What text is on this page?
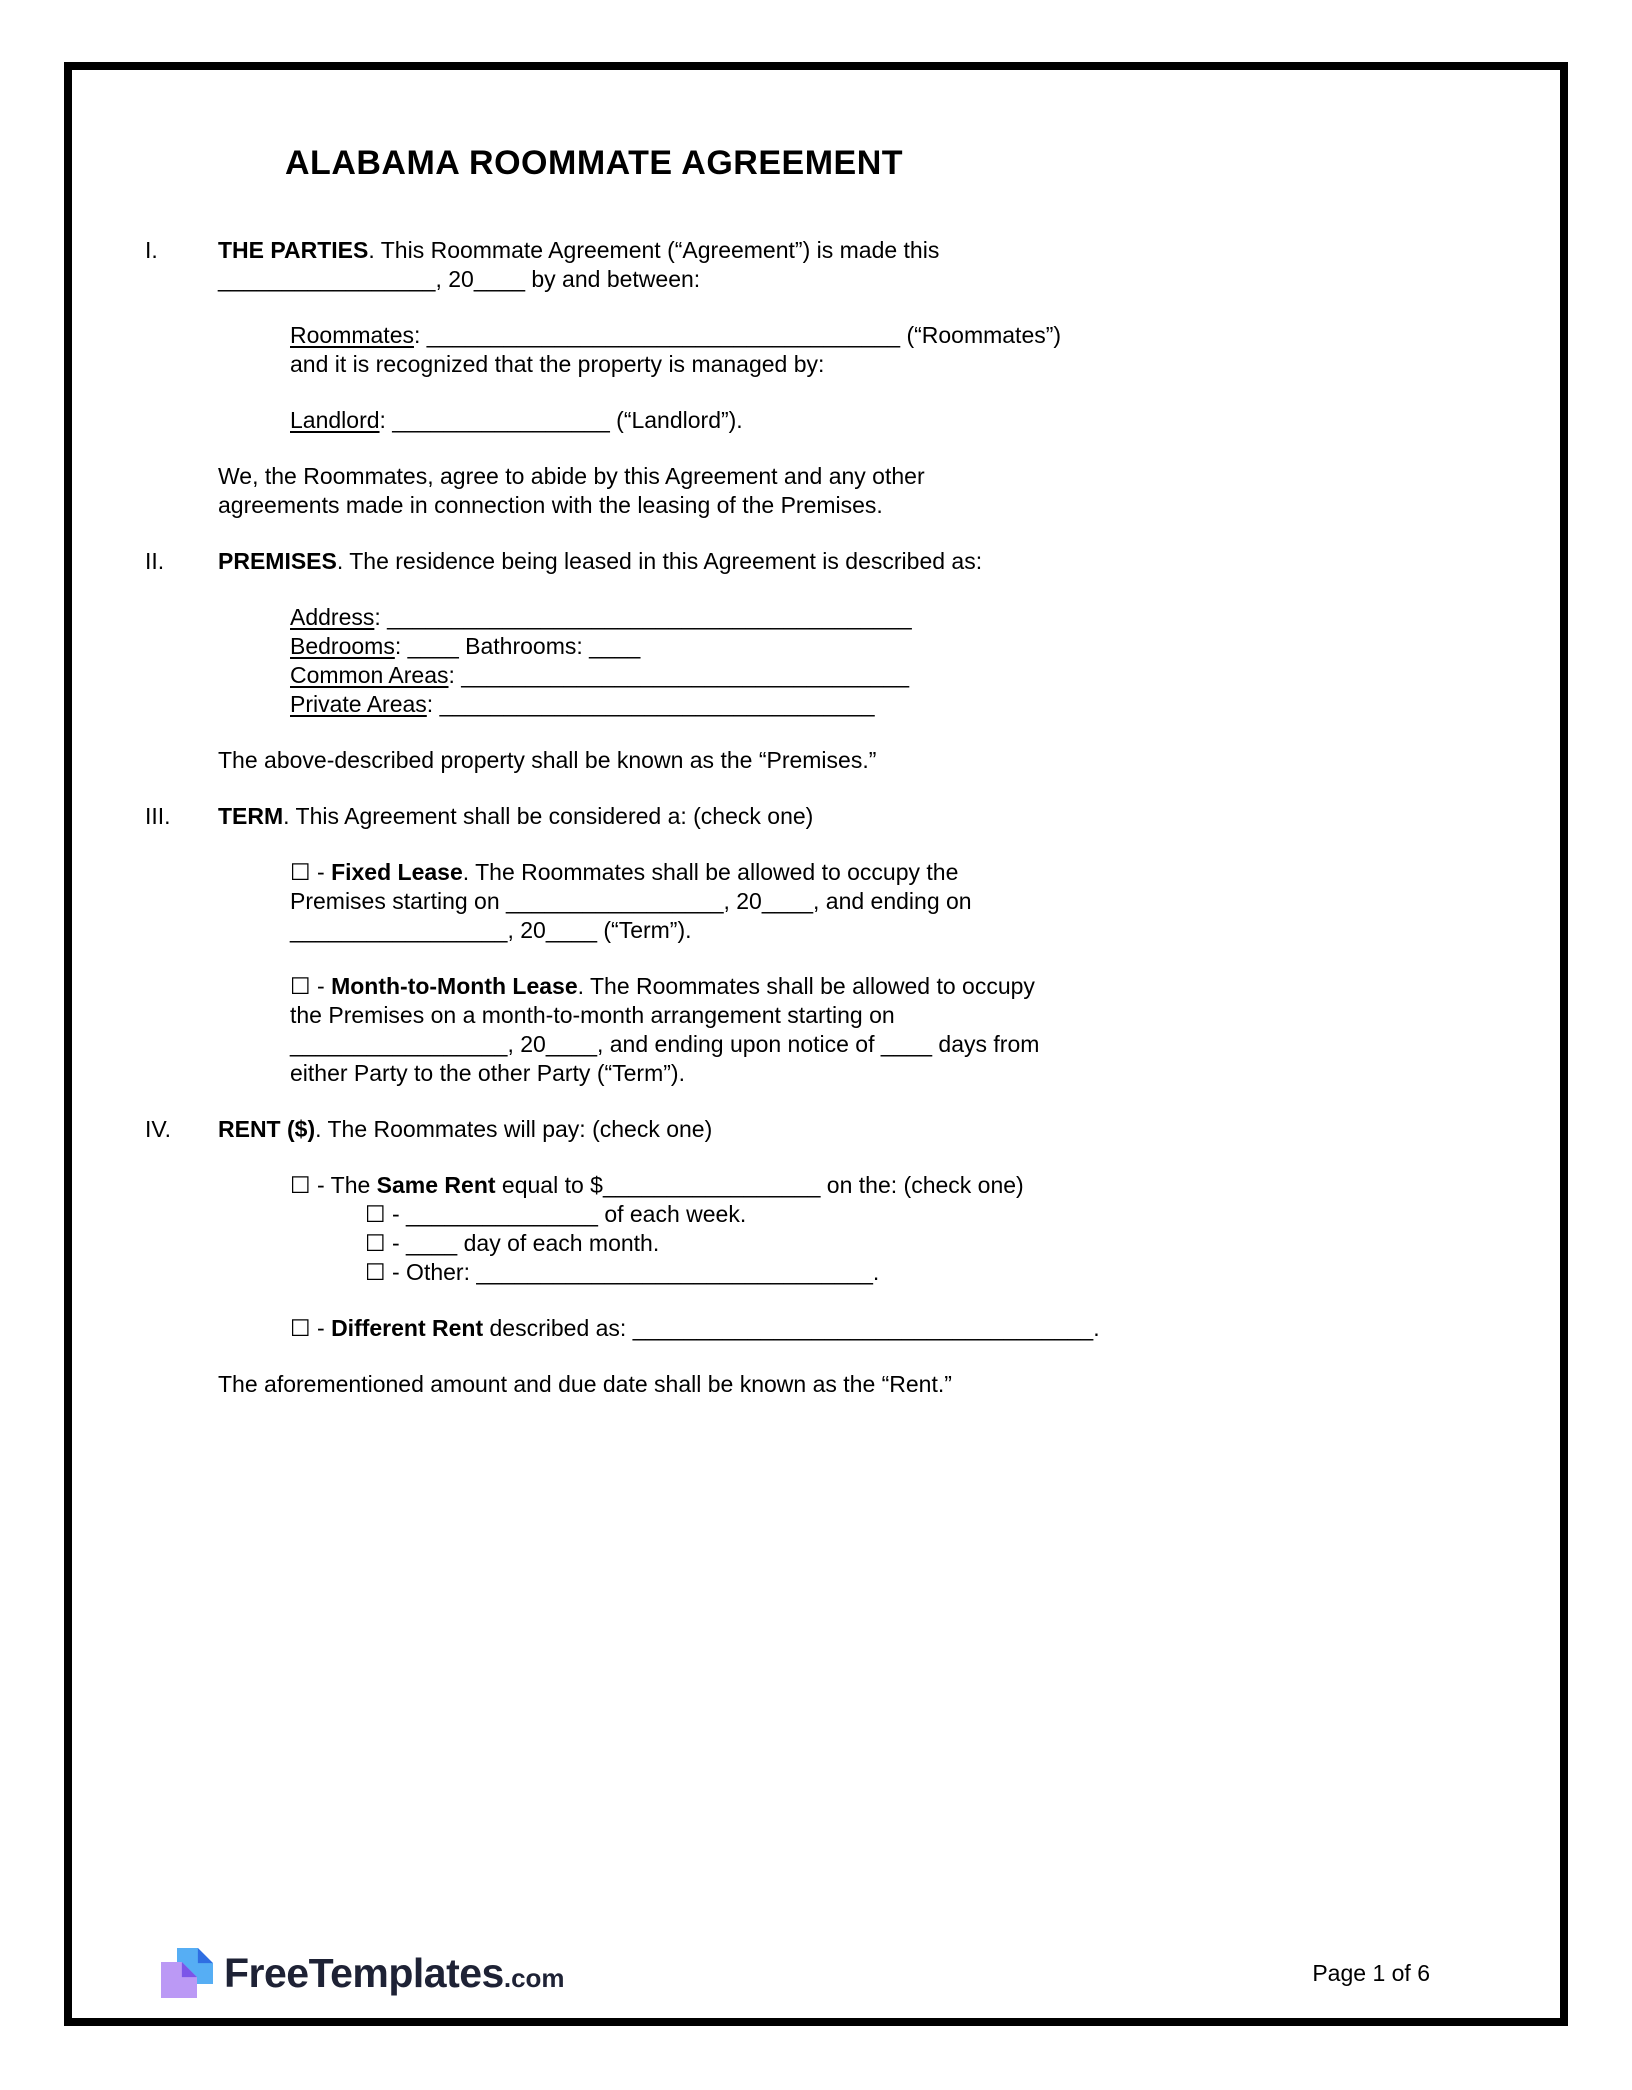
ALABAMA ROOMMATE AGREEMENT
I.	THE PARTIES. This Roommate Agreement (“Agreement”) is made this
_________________, 20____ by and between:
Roommates: _____________________________________ (“Roommates”)
and it is recognized that the property is managed by:
Landlord: _________________ (“Landlord”).
We, the Roommates, agree to abide by this Agreement and any other
agreements made in connection with the leasing of the Premises.
II.	PREMISES. The residence being leased in this Agreement is described as:
Address: _________________________________________
Bedrooms: ____ Bathrooms: ____
Common Areas: ___________________________________
Private Areas: __________________________________
The above-described property shall be known as the “Premises.”
III.	TERM. This Agreement shall be considered a: (check one)
☐ - Fixed Lease. The Roommates shall be allowed to occupy the
Premises starting on _________________, 20____, and ending on
_________________, 20____ (“Term”).
☐ - Month-to-Month Lease. The Roommates shall be allowed to occupy
the Premises on a month-to-month arrangement starting on
_________________, 20____, and ending upon notice of ____ days from
either Party to the other Party (“Term”).
IV.	RENT ($). The Roommates will pay: (check one)
☐ - The Same Rent equal to $_________________ on the: (check one)
☐ - _______________ of each week.
☐ - ____ day of each month.
☐ - Other: _______________________________.
☐ - Different Rent described as: ____________________________________.
The aforementioned amount and due date shall be known as the “Rent.”
FreeTemplates .com	Page 1 of 6
